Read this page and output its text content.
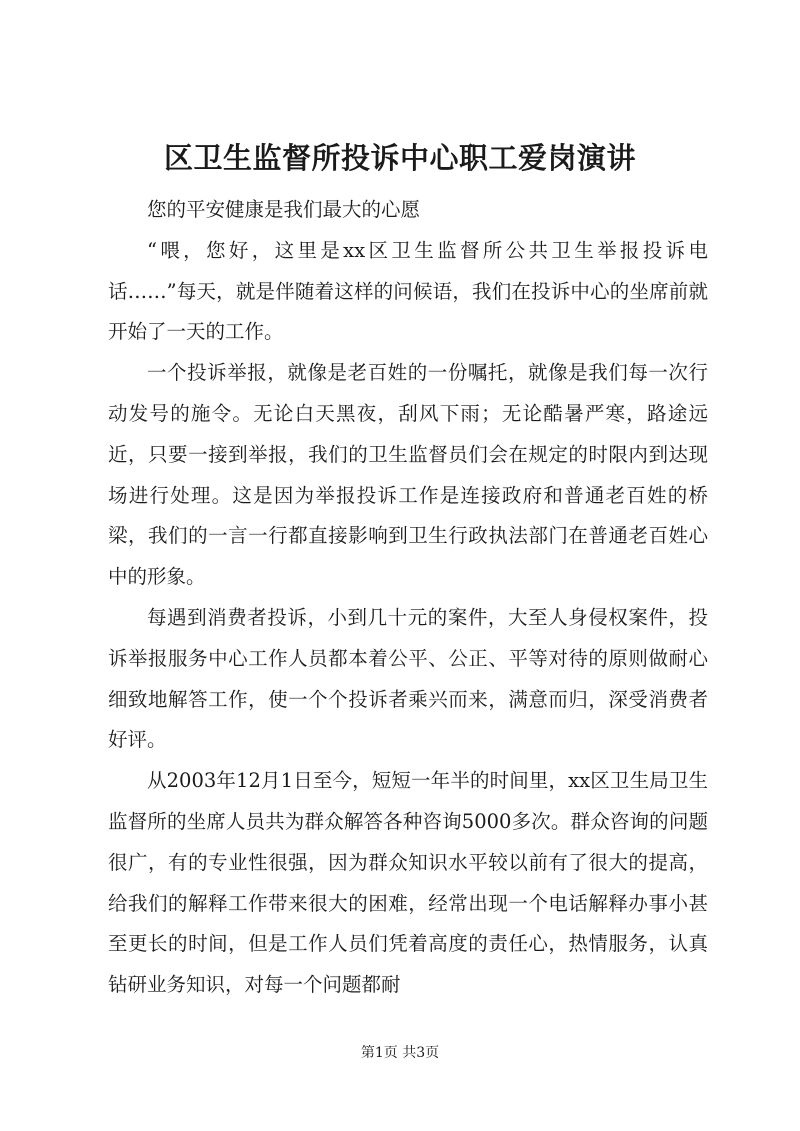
区卫生监督所投诉中心职工爱岗演讲

您的平安健康是我们最大的心愿

“喂，您好，这里是xx区卫生监督所公共卫生举报投诉电话……”每天，就是伴随着这样的问候语，我们在投诉中心的坐席前就开始了一天的工作。

一个投诉举报，就像是老百姓的一份嘱托，就像是我们每一次行动发号的施令。无论白天黑夜，刮风下雨；无论酷暑严寒，路途远近，只要一接到举报，我们的卫生监督员们会在规定的时限内到达现场进行处理。这是因为举报投诉工作是连接政府和普通老百姓的桥梁，我们的一言一行都直接影响到卫生行政执法部门在普通老百姓心中的形象。

每遇到消费者投诉，小到几十元的案件，大至人身侵权案件，投诉举报服务中心工作人员都本着公平、公正、平等对待的原则做耐心细致地解答工作，使一个个投诉者乘兴而来，满意而归，深受消费者好评。

从2003年12月1日至今，短短一年半的时间里，xx区卫生局卫生监督所的坐席人员共为群众解答各种咨询5000多次。群众咨询的问题很广，有的专业性很强，因为群众知识水平较以前有了很大的提高，给我们的解释工作带来很大的困难，经常出现一个电话解释办事小甚至更长的时间，但是工作人员们凭着高度的责任心，热情服务，认真钻研业务知识，对每一个问题都耐

第1页 共3页
